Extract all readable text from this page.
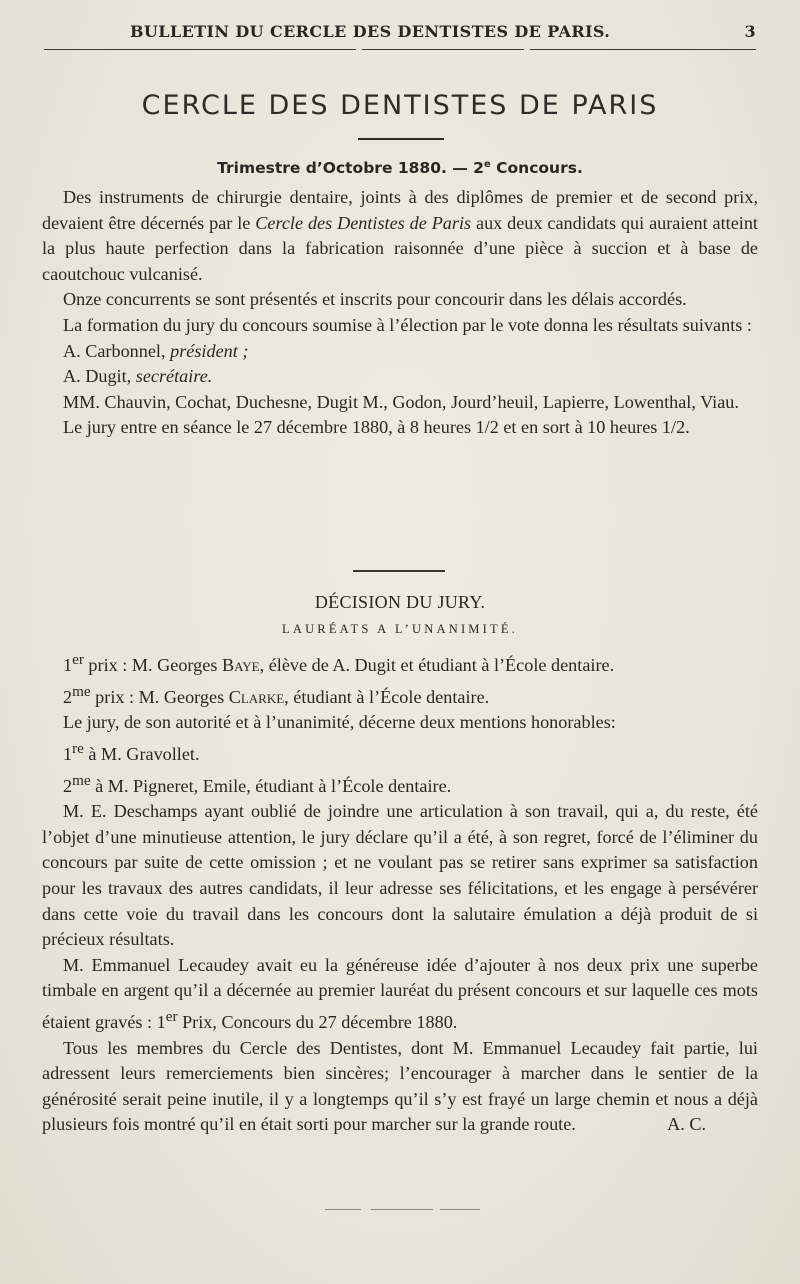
BULLETIN DU CERCLE DES DENTISTES DE PARIS.	3
CERCLE DES DENTISTES DE PARIS
Trimestre d’Octobre 1880. — 2e Concours.

Des instruments de chirurgie dentaire, joints à des diplômes de premier et de second prix, devaient être décernés par le Cercle des Dentistes de Paris aux deux candidats qui auraient atteint la plus haute perfection dans la fabrication raisonnée d’une pièce à succion et à base de caoutchouc vulcanisé.

Onze concurrents se sont présentés et inscrits pour concourir dans les délais accordés.

La formation du jury du concours soumise à l’élection par le vote donna les résultats suivants :

A. Carbonnel, président ;
A. Dugit, secrétaire.

MM. Chauvin, Cochat, Duchesne, Dugit M., Godon, Jourd’heuil, Lapierre, Lowenthal, Viau.

Le jury entre en séance le 27 décembre 1880, à 8 heures 1/2 et en sort à 10 heures 1/2.

DÉCISION DU JURY.
LAURÉATS A L’UNANIMITÉ.
1er prix : M. Georges Baye, élève de A. Dugit et étudiant à l’École dentaire.
$2^{me}$ prix : M. Georges Clarke, étudiant à l’École dentaire.
Le jury, de son autorité et à l’unanimité, décerne deux mentions honorables:
1re à M. Gravollet.
$2^{me}$ à M. Pigneret, Emile, étudiant à l’École dentaire.

M. E. Deschamps ayant oublié de joindre une articulation à son travail, qui a, du reste, été l’objet d’une minutieuse attention, le jury déclare qu’il a été, à son regret, forcé de l’éliminer du concours par suite de cette omission ; et ne voulant pas se retirer sans exprimer sa satisfaction pour les travaux des autres candidats, il leur adresse ses félicitations, et les engage à persévérer dans cette voie du travail dans les concours dont la salutaire émulation a déjà produit de si précieux résultats.

M. Emmanuel Lecaudey avait eu la généreuse idée d’ajouter à nos deux prix une superbe timbale en argent qu’il a décernée au premier lauréat du présent concours et sur laquelle ces mots étaient gravés : 1er Prix, Concours du 27 décembre 1880.

Tous les membres du Cercle des Dentistes, dont M. Emmanuel Lecaudey fait partie, lui adressent leurs remerciements bien sincères; l’encourager à marcher dans le sentier de la générosité serait peine inutile, il y a longtemps qu’il s’y est frayé un large chemin et nous a déjà plusieurs fois montré qu’il en était sorti pour marcher sur la grande route.	A. C.
